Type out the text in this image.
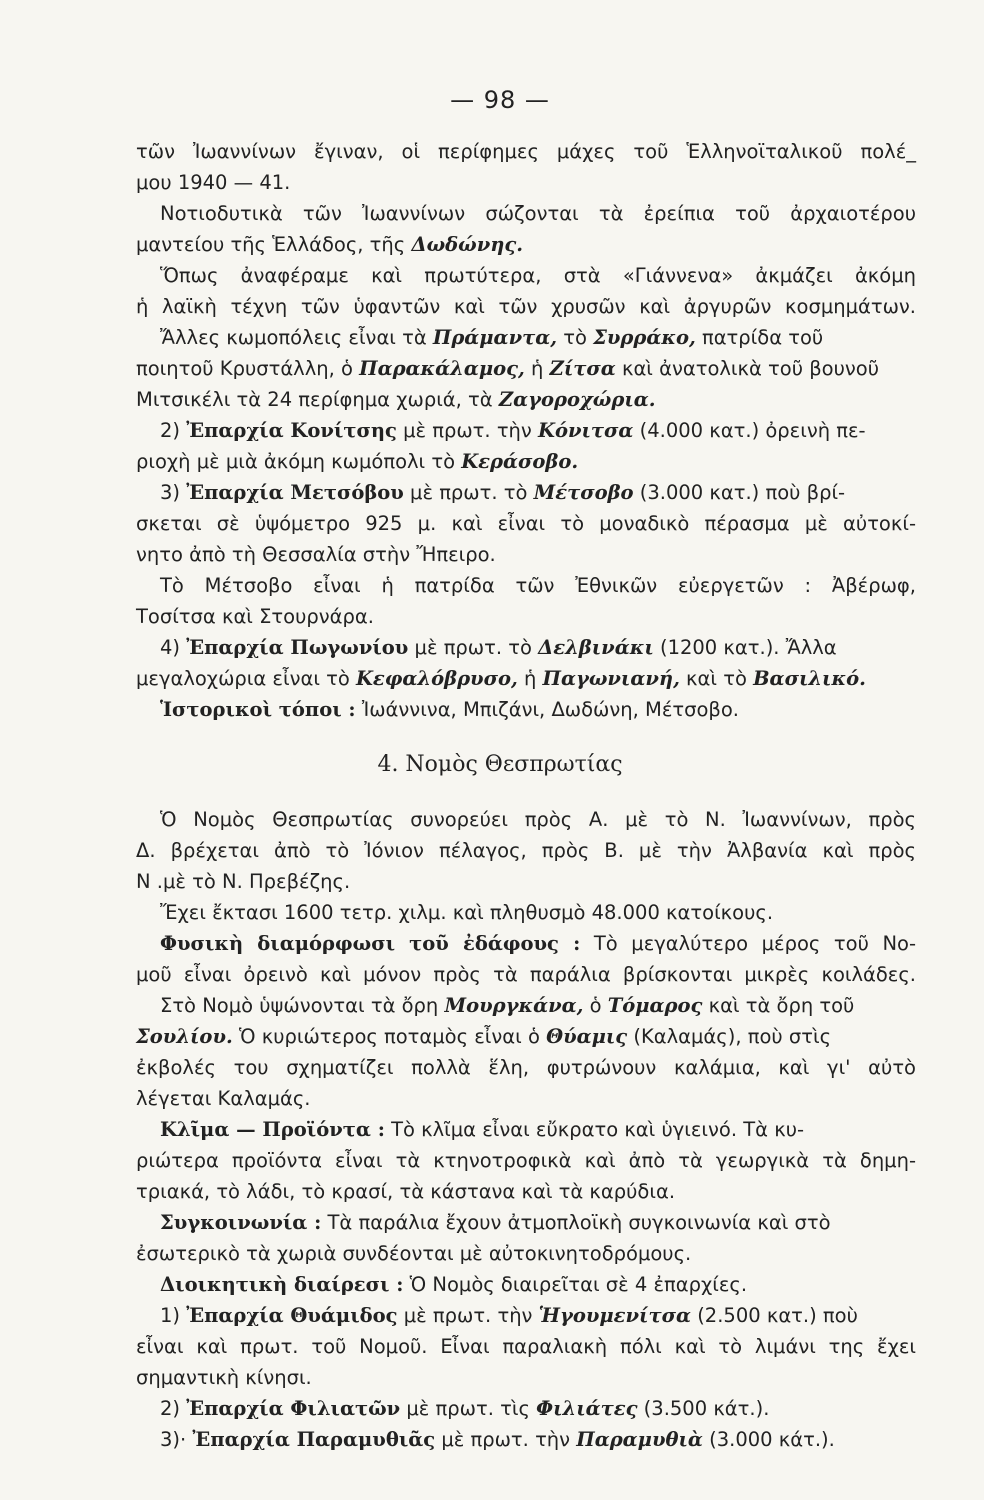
— 98 —
τῶν Ἰωαννίνων ἔγιναν, οἱ περίφημες μάχες τοῦ Ἑλληνοϊταλικοῦ πολέ_
μου 1940 — 41.
Νοτιοδυτικὰ τῶν Ἰωαννίνων σώζονται τὰ ἐρείπια τοῦ ἀρχαιοτέρου
μαντείου τῆς Ἑλλάδος, τῆς Δωδώνης.
Ὅπως ἀναφέραμε καὶ πρωτύτερα, στὰ «Γιάννενα» ἀκμάζει ἀκόμη
ἡ λαϊκὴ τέχνη τῶν ὑφαντῶν καὶ τῶν χρυσῶν καὶ ἀργυρῶν κοσμημάτων.
Ἄλλες κωμοπόλεις εἶναι τὰ Πράμαντα, τὸ Συρράκο, πατρίδα τοῦ
ποιητοῦ Κρυστάλλη, ὁ Παρακάλαμος, ἡ Ζίτσα καὶ ἀνατολικὰ τοῦ βουνοῦ
Μιτσικέλι τὰ 24 περίφημα χωριά, τὰ Ζαγοροχώρια.
2) Ἐπαρχία Κονίτσης μὲ πρωτ. τὴν Κόνιτσα (4.000 κατ.) ὀρεινὴ πε-
ριοχὴ μὲ μιὰ ἀκόμη κωμόπολι τὸ Κεράσοβο.
3) Ἐπαρχία Μετσόβου μὲ πρωτ. τὸ Μέτσοβο (3.000 κατ.) ποὺ βρί-
σκεται σὲ ὑψόμετρο 925 μ. καὶ εἶναι τὸ μοναδικὸ πέρασμα μὲ αὐτοκί-
νητο ἀπὸ τὴ Θεσσαλία στὴν Ἤπειρο.
Τὸ Μέτσοβο εἶναι ἡ πατρίδα τῶν Ἐθνικῶν εὐεργετῶν : Ἀβέρωφ,
Τοσίτσα καὶ Στουρνάρα.
4) Ἐπαρχία Πωγωνίου μὲ πρωτ. τὸ Δελβινάκι (1200 κατ.). Ἄλλα
μεγαλοχώρια εἶναι τὸ Κεφαλόβρυσο, ἡ Παγωνιανή, καὶ τὸ Βασιλικό.
Ἱστορικοὶ τόποι : Ἰωάννινα, Μπιζάνι, Δωδώνη, Μέτσοβο.
4. Νομὸς Θεσπρωτίας
Ὁ Νομὸς Θεσπρωτίας συνορεύει πρὸς Α. μὲ τὸ Ν. Ἰωαννίνων, πρὸς
Δ. βρέχεται ἀπὸ τὸ Ἰόνιον πέλαγος, πρὸς Β. μὲ τὴν Ἀλβανία καὶ πρὸς
Ν .μὲ τὸ Ν. Πρεβέζης.
Ἔχει ἔκτασι 1600 τετρ. χιλμ. καὶ πληθυσμὸ 48.000 κατοίκους.
Φυσικὴ διαμόρφωσι τοῦ ἐδάφους : Τὸ μεγαλύτερο μέρος τοῦ Νο-
μοῦ εἶναι ὀρεινὸ καὶ μόνον πρὸς τὰ παράλια βρίσκονται μικρὲς κοιλάδες.
Στὸ Νομὸ ὑψώνονται τὰ ὄρη Μουργκάνα, ὁ Τόμαρος καὶ τὰ ὄρη τοῦ
Σουλίου. Ὁ κυριώτερος ποταμὸς εἶναι ὁ Θύαμις (Καλαμάς), ποὺ στὶς
ἐκβολές του σχηματίζει πολλὰ ἕλη, φυτρώνουν καλάμια, καὶ γι' αὐτὸ
λέγεται Καλαμάς.
Κλῖμα — Προϊόντα : Τὸ κλῖμα εἶναι εὔκρατο καὶ ὑγιεινό. Τὰ κυ-
ριώτερα προϊόντα εἶναι τὰ κτηνοτροφικὰ καὶ ἀπὸ τὰ γεωργικὰ τὰ δημη-
τριακά, τὸ λάδι, τὸ κρασί, τὰ κάστανα καὶ τὰ καρύδια.
Συγκοινωνία : Τὰ παράλια ἔχουν ἀτμοπλοϊκὴ συγκοινωνία καὶ στὸ
ἐσωτερικὸ τὰ χωριὰ συνδέονται μὲ αὐτοκινητοδρόμους.
Διοικητικὴ διαίρεσι : Ὁ Νομὸς διαιρεῖται σὲ 4 ἐπαρχίες.
1) Ἐπαρχία Θυάμιδος μὲ πρωτ. τὴν Ἡγουμενίτσα (2.500 κατ.) ποὺ
εἶναι καὶ πρωτ. τοῦ Νομοῦ. Εἶναι παραλιακὴ πόλι καὶ τὸ λιμάνι της ἔχει
σημαντικὴ κίνησι.
2) Ἐπαρχία Φιλιατῶν μὲ πρωτ. τὶς Φιλιάτες (3.500 κάτ.).
3)· Ἐπαρχία Παραμυθιᾶς μὲ πρωτ. τὴν Παραμυθιὰ (3.000 κάτ.).
